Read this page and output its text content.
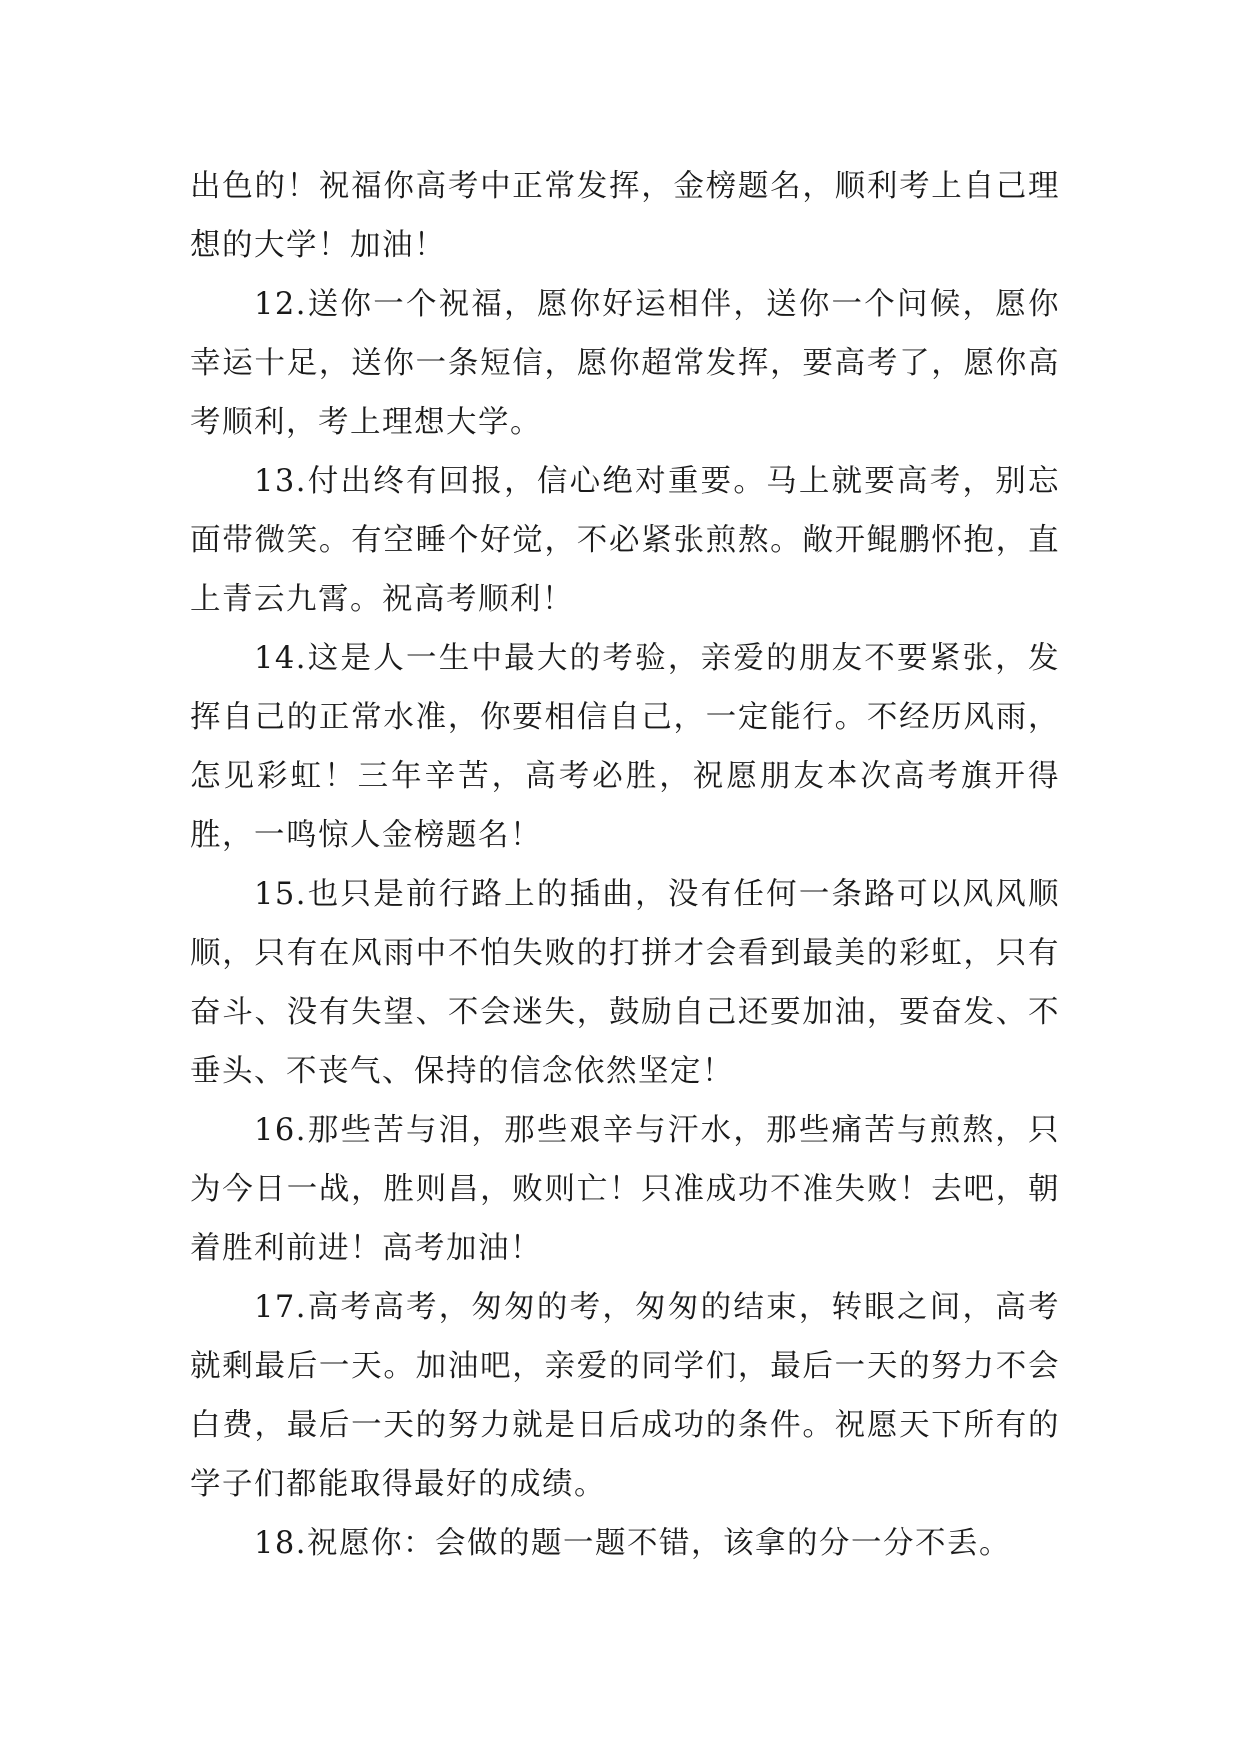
出色的！祝福你高考中正常发挥，金榜题名，顺利考上自己理想的大学！加油！

12.送你一个祝福，愿你好运相伴，送你一个问候，愿你幸运十足，送你一条短信，愿你超常发挥，要高考了，愿你高考顺利，考上理想大学。

13.付出终有回报，信心绝对重要。马上就要高考，别忘面带微笑。有空睡个好觉，不必紧张煎熬。敞开鲲鹏怀抱，直上青云九霄。祝高考顺利！

14.这是人一生中最大的考验，亲爱的朋友不要紧张，发挥自己的正常水准，你要相信自己，一定能行。不经历风雨，怎见彩虹！三年辛苦，高考必胜，祝愿朋友本次高考旗开得胜，一鸣惊人金榜题名！

15.也只是前行路上的插曲，没有任何一条路可以风风顺顺，只有在风雨中不怕失败的打拼才会看到最美的彩虹，只有奋斗、没有失望、不会迷失，鼓励自己还要加油，要奋发、不垂头、不丧气、保持的信念依然坚定！

16.那些苦与泪，那些艰辛与汗水，那些痛苦与煎熬，只为今日一战，胜则昌，败则亡！只准成功不准失败！去吧，朝着胜利前进！高考加油！

17.高考高考，匆匆的考，匆匆的结束，转眼之间，高考就剩最后一天。加油吧，亲爱的同学们，最后一天的努力不会白费，最后一天的努力就是日后成功的条件。祝愿天下所有的学子们都能取得最好的成绩。

18.祝愿你：会做的题一题不错，该拿的分一分不丢。
